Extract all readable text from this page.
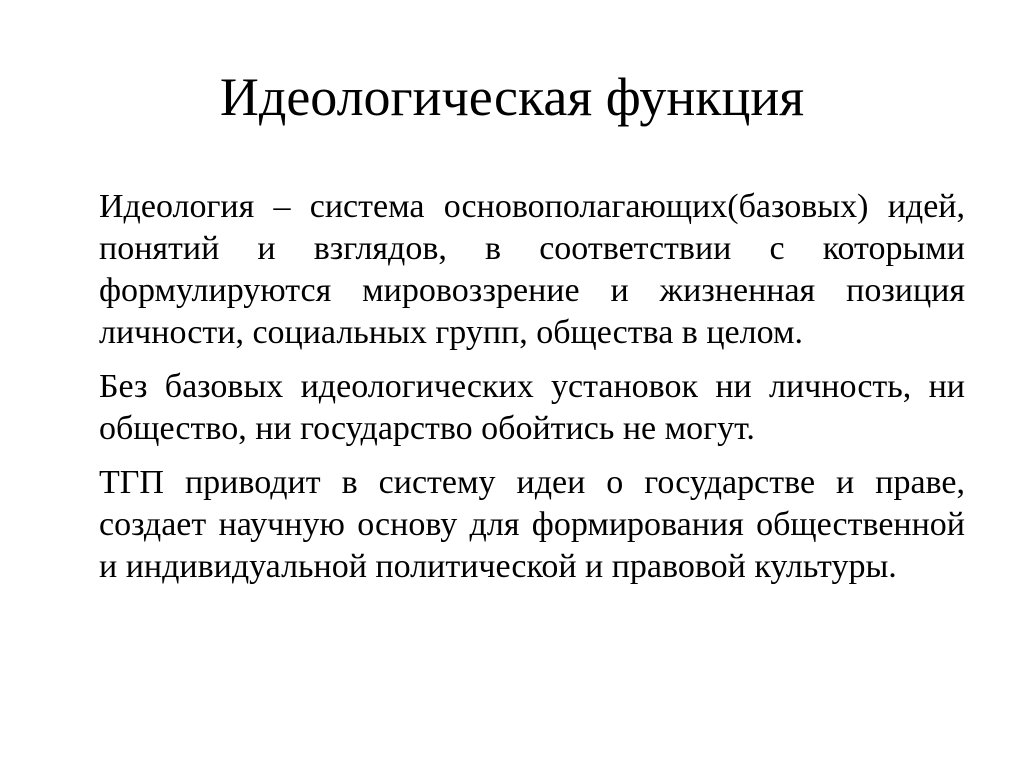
Идеологическая функция

Идеология – система основополагающих(базовых) идей, понятий и взглядов, в соответствии с которыми формулируются мировоззрение и жизненная позиция личности, социальных групп, общества в целом.

Без базовых идеологических установок ни личность, ни общество, ни государство обойтись не могут.

ТГП приводит в систему идеи о государстве и праве, создает научную основу для формирования общественной и индивидуальной политической и правовой культуры.
